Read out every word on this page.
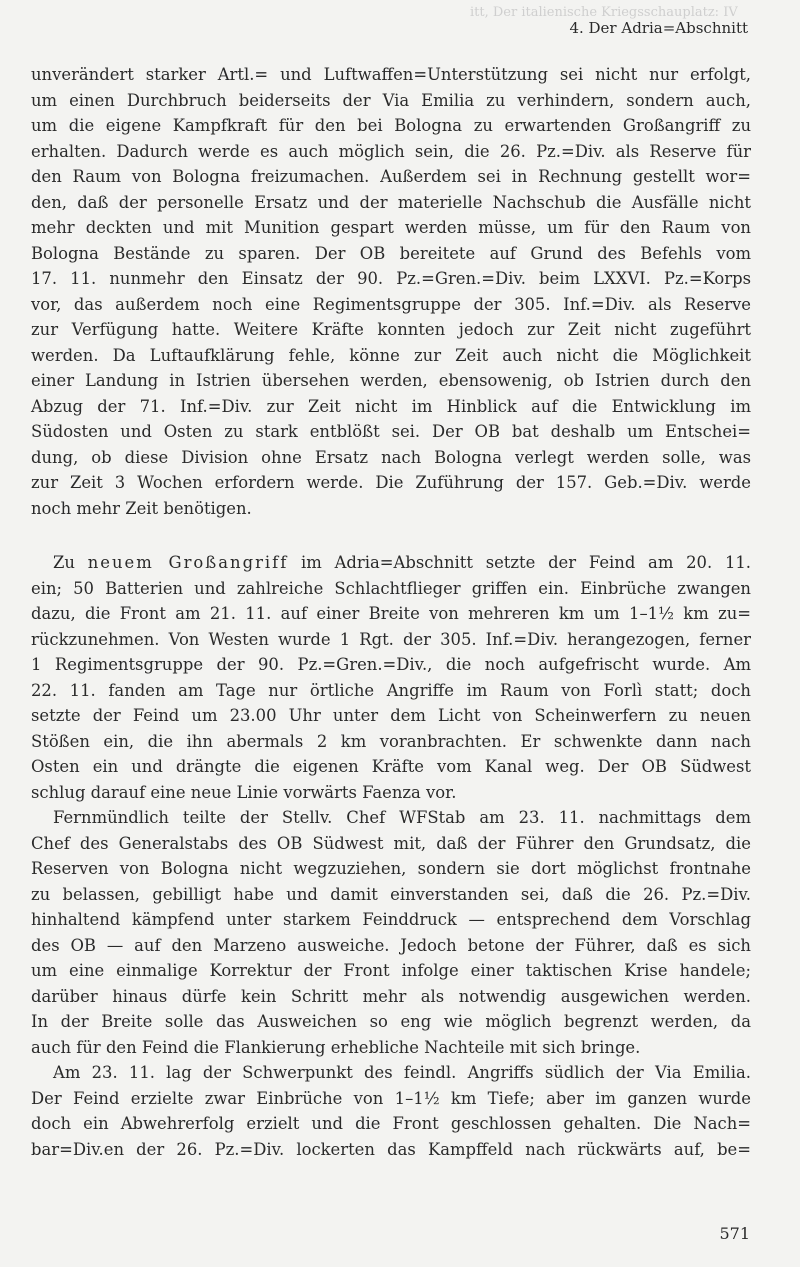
itt, Der italienische Kriegsschauplatz: IV
4. Der Adria=Abschnitt
unverändert starker Artl.= und Luftwaffen=Unterstützung sei nicht nur erfolgt,
um einen Durchbruch beiderseits der Via Emilia zu verhindern, sondern auch,
um die eigene Kampfkraft für den bei Bologna zu erwartenden Großangriff zu
erhalten. Dadurch werde es auch möglich sein, die 26. Pz.=Div. als Reserve für
den Raum von Bologna freizumachen. Außerdem sei in Rechnung gestellt wor=
den, daß der personelle Ersatz und der materielle Nachschub die Ausfälle nicht
mehr deckten und mit Munition gespart werden müsse, um für den Raum von
Bologna Bestände zu sparen. Der OB bereitete auf Grund des Befehls vom
17. 11. nunmehr den Einsatz der 90. Pz.=Gren.=Div. beim LXXVI. Pz.=Korps
vor, das außerdem noch eine Regimentsgruppe der 305. Inf.=Div. als Reserve
zur Verfügung hatte. Weitere Kräfte konnten jedoch zur Zeit nicht zugeführt
werden. Da Luftaufklärung fehle, könne zur Zeit auch nicht die Möglichkeit
einer Landung in Istrien übersehen werden, ebensowenig, ob Istrien durch den
Abzug der 71. Inf.=Div. zur Zeit nicht im Hinblick auf die Entwicklung im
Südosten und Osten zu stark entblößt sei. Der OB bat deshalb um Entschei=
dung, ob diese Division ohne Ersatz nach Bologna verlegt werden solle, was
zur Zeit 3 Wochen erfordern werde. Die Zuführung der 157. Geb.=Div. werde
noch mehr Zeit benötigen.
Zu neuem Großangriff im Adria=Abschnitt setzte der Feind am 20. 11.
ein; 50 Batterien und zahlreiche Schlachtflieger griffen ein. Einbrüche zwangen
dazu, die Front am 21. 11. auf einer Breite von mehreren km um 1–1½ km zu=
rückzunehmen. Von Westen wurde 1 Rgt. der 305. Inf.=Div. herangezogen, ferner
1 Regimentsgruppe der 90. Pz.=Gren.=Div., die noch aufgefrischt wurde. Am
22. 11. fanden am Tage nur örtliche Angriffe im Raum von Forlì statt; doch
setzte der Feind um 23.00 Uhr unter dem Licht von Scheinwerfern zu neuen
Stößen ein, die ihn abermals 2 km voranbrachten. Er schwenkte dann nach
Osten ein und drängte die eigenen Kräfte vom Kanal weg. Der OB Südwest
schlug darauf eine neue Linie vorwärts Faenza vor.
Fernmündlich teilte der Stellv. Chef WFStab am 23. 11. nachmittags dem
Chef des Generalstabs des OB Südwest mit, daß der Führer den Grundsatz, die
Reserven von Bologna nicht wegzuziehen, sondern sie dort möglichst frontnahe
zu belassen, gebilligt habe und damit einverstanden sei, daß die 26. Pz.=Div.
hinhaltend kämpfend unter starkem Feinddruck — entsprechend dem Vorschlag
des OB — auf den Marzeno ausweiche. Jedoch betone der Führer, daß es sich
um eine einmalige Korrektur der Front infolge einer taktischen Krise handele;
darüber hinaus dürfe kein Schritt mehr als notwendig ausgewichen werden.
In der Breite solle das Ausweichen so eng wie möglich begrenzt werden, da
auch für den Feind die Flankierung erhebliche Nachteile mit sich bringe.
Am 23. 11. lag der Schwerpunkt des feindl. Angriffs südlich der Via Emilia.
Der Feind erzielte zwar Einbrüche von 1–1½ km Tiefe; aber im ganzen wurde
doch ein Abwehrerfolg erzielt und die Front geschlossen gehalten. Die Nach=
bar=Div.en der 26. Pz.=Div. lockerten das Kampffeld nach rückwärts auf, be=
571
